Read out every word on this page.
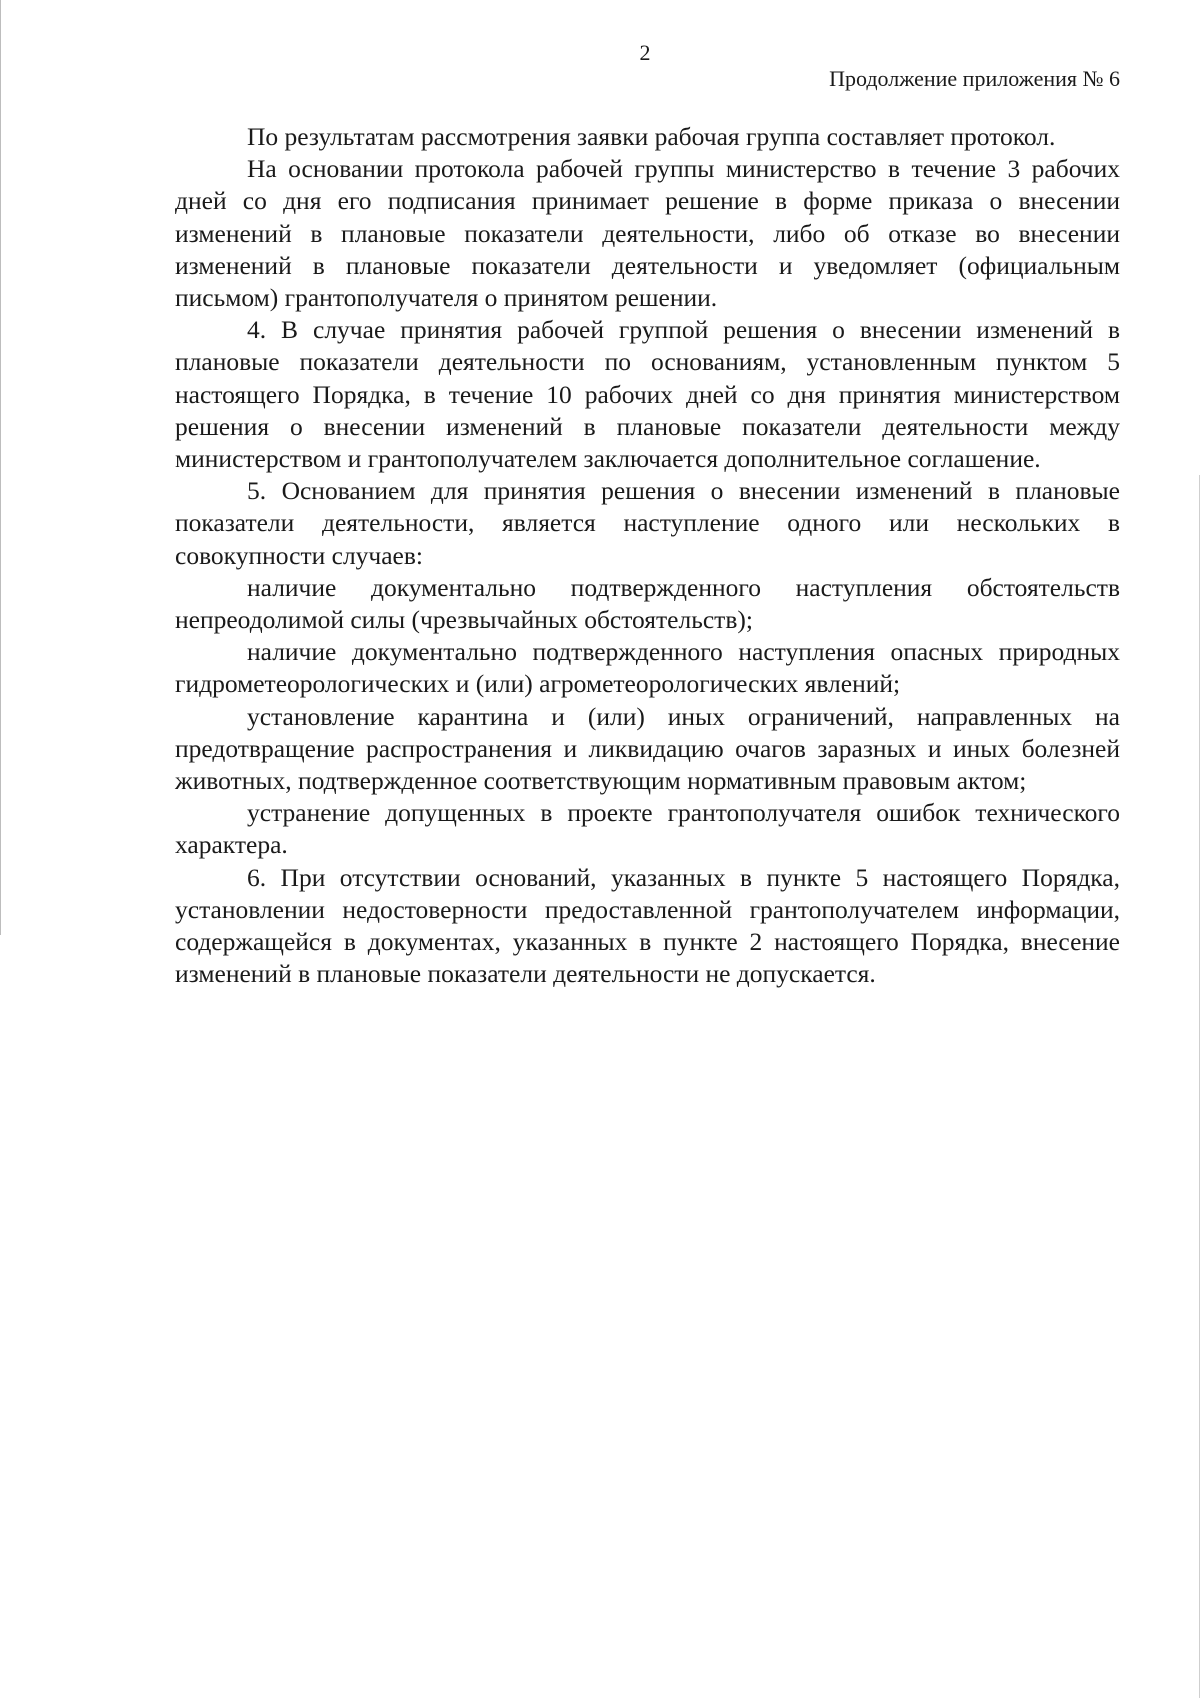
2
Продолжение приложения № 6

По результатам рассмотрения заявки рабочая группа составляет протокол.

На основании протокола рабочей группы министерство в течение 3 рабочих дней со дня его подписания принимает решение в форме приказа о внесении изменений в плановые показатели деятельности, либо об отказе во внесении изменений в плановые показатели деятельности и уведомляет (официальным письмом) грантополучателя о принятом решении.

4. В случае принятия рабочей группой решения о внесении изменений в плановые показатели деятельности по основаниям, установленным пунктом 5 настоящего Порядка, в течение 10 рабочих дней со дня принятия министерством решения о внесении изменений в плановые показатели деятельности между министерством и грантополучателем заключается дополнительное соглашение.

5. Основанием для принятия решения о внесении изменений в плановые показатели деятельности, является наступление одного или нескольких в совокупности случаев:

наличие документально подтвержденного наступления обстоятельств непреодолимой силы (чрезвычайных обстоятельств);

наличие документально подтвержденного наступления опасных природных гидрометеорологических и (или) агрометеорологических явлений;

установление карантина и (или) иных ограничений, направленных на предотвращение распространения и ликвидацию очагов заразных и иных болезней животных, подтвержденное соответствующим нормативным правовым актом;

устранение допущенных в проекте грантополучателя ошибок технического характера.

6. При отсутствии оснований, указанных в пункте 5 настоящего Порядка, установлении недостоверности предоставленной грантополучателем информации, содержащейся в документах, указанных в пункте 2 настоящего Порядка, внесение изменений в плановые показатели деятельности не допускается.
